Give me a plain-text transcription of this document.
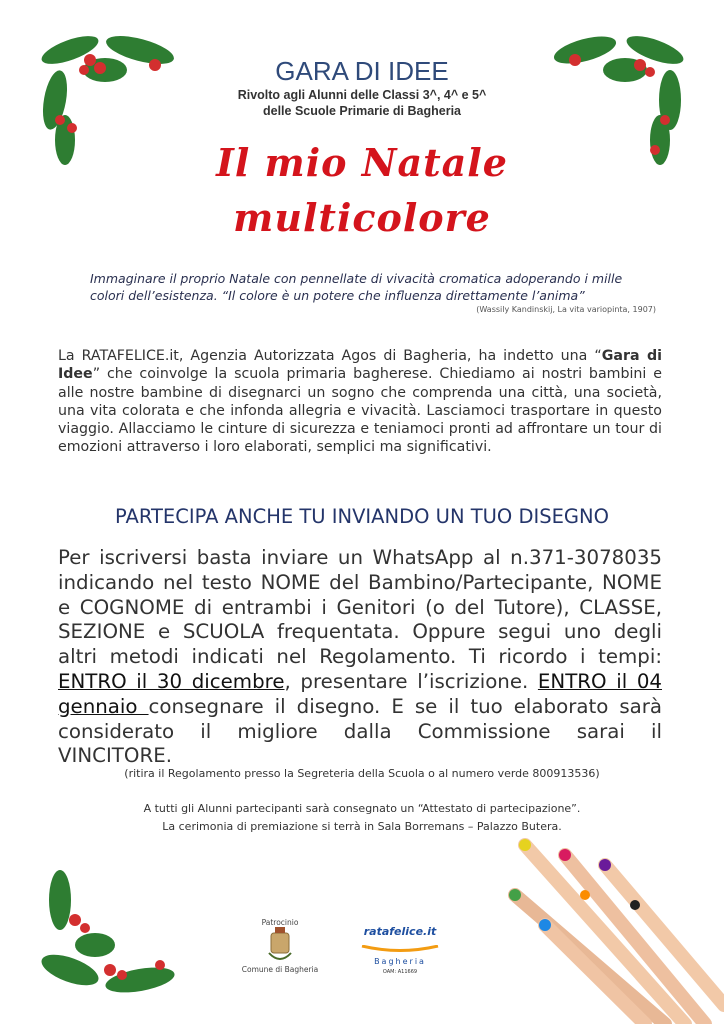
GARA DI IDEE
Rivolto agli Alunni delle Classi 3^, 4^ e 5^
delle Scuole Primarie di Bagheria
Il mio Natale
multicolore
Immaginare il proprio Natale con pennellate di vivacità cromatica adoperando i mille colori dell’esistenza. “Il colore è un potere che influenza direttamente l’anima”
(Wassily Kandinskij, La vita variopinta, 1907)
La RATAFELICE.it, Agenzia Autorizzata Agos di Bagheria, ha indetto una “Gara di Idee” che coinvolge la scuola primaria bagherese. Chiediamo ai nostri bambini e alle nostre bambine di disegnarci un sogno che comprenda una città, una società, una vita colorata e che infonda allegria e vivacità. Lasciamoci trasportare in questo viaggio. Allacciamo le cinture di sicurezza e teniamoci pronti ad affrontare un tour di emozioni attraverso i loro elaborati, semplici ma significativi.
PARTECIPA ANCHE TU INVIANDO UN TUO DISEGNO
Per iscriversi basta inviare un WhatsApp al n.371-3078035 indicando nel testo NOME del Bambino/Partecipante, NOME e COGNOME di entrambi i Genitori (o del Tutore), CLASSE, SEZIONE e SCUOLA frequentata. Oppure segui uno degli altri metodi indicati nel Regolamento. Ti ricordo i tempi: ENTRO il 30 dicembre, presentare l’iscrizione. ENTRO il 04 gennaio consegnare il disegno. E se il tuo elaborato sarà considerato il migliore dalla Commissione sarai il VINCITORE.
(ritira il Regolamento presso la Segreteria della Scuola o al numero verde 800913536)
A tutti gli Alunni partecipanti sarà consegnato un “Attestato di partecipazione”.
La cerimonia di premiazione si terrà in Sala Borremans – Palazzo Butera.
Patrocinio
Comune di Bagheria
ratafelice.it
Bagheria
OAM: A11669
